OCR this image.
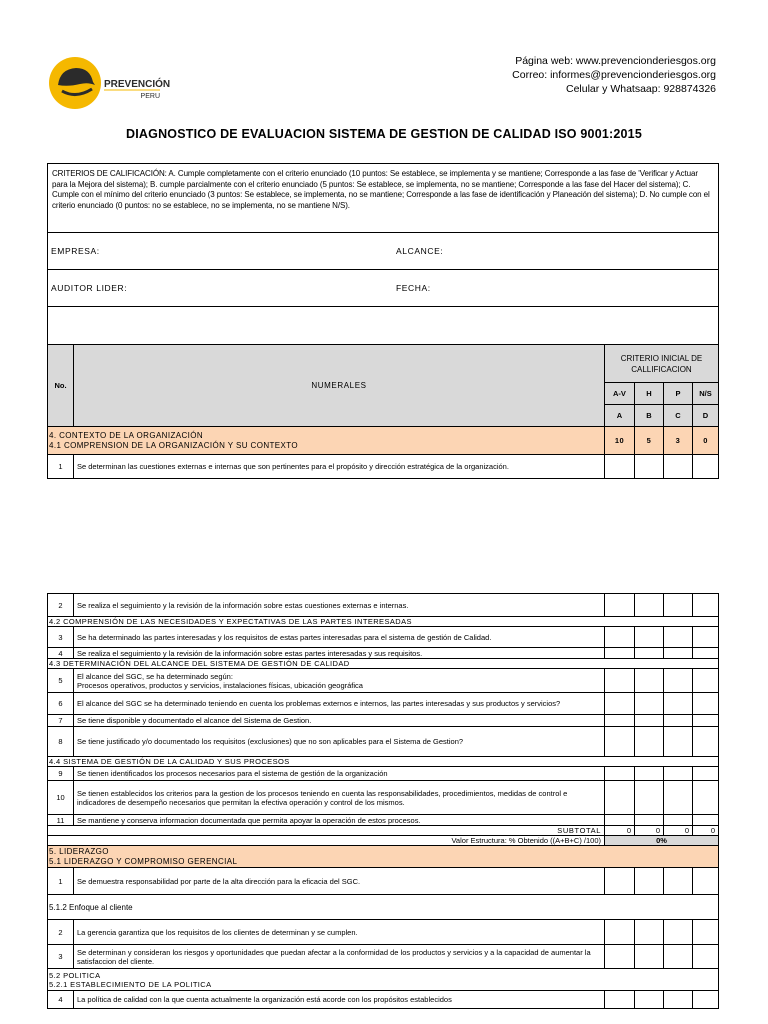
PREVENCIÓN
PERU
Página web: www.prevencionderiesgos.org
Correo: informes@prevencionderiesgos.org
Celular y Whatsaap: 928874326
DIAGNOSTICO DE EVALUACION SISTEMA DE GESTION DE CALIDAD ISO 9001:2015
CRITERIOS DE CALIFICACIÓN: A. Cumple completamente con el criterio enunciado (10 puntos: Se establece, se implementa y se mantiene; Corresponde a las fase de 'Verificar y Actuar para la Mejora del sistema); B. cumple parcialmente con el criterio enunciado (5 puntos: Se establece, se implementa, no se mantiene; Corresponde a las fase del Hacer del sistema); C. Cumple con el mínimo del criterio enunciado (3 puntos: Se establece, se implementa, no se mantiene; Corresponde a las fase de identificación y Planeación del sistema); D. No cumple con el criterio enunciado (0 puntos: no se establece, no se implementa, no se mantiene N/S).
EMPRESA:	ALCANCE:
AUDITOR LIDER:	FECHA:
No.	NUMERALES	CRITERIO INICIAL DE CALLIFICACION			
		A-V	H	P	N/S
		A	B	C	D

4. CONTEXTO DE LA ORGANIZACIÓN
4.1 COMPRENSION DE LA ORGANIZACIÓN Y SU CONTEXTO		10	5	3	0
1	Se determinan las cuestiones externas e internas que son pertinentes para el propósito y dirección estratégica de la organización.				
2	Se realiza el seguimiento y la revisión de la información sobre estas cuestiones externas e internas.				
4.2 COMPRENSIÓN DE LAS NECESIDADES Y EXPECTATIVAS DE LAS PARTES INTERESADAS					
3	Se ha determinado las partes interesadas y los requisitos de estas partes interesadas para el sistema de gestión de Calidad.				
4	Se realiza el seguimiento y la revisión de la información sobre estas partes interesadas y sus requisitos.				
4.3 DETERMINACIÓN DEL ALCANCE DEL SISTEMA DE GESTIÓN DE CALIDAD					
5	El alcance del SGC, se ha determinado según:
Procesos operativos, productos y servicios, instalaciones físicas, ubicación geográfica				

6	El alcance del SGC se ha determinado teniendo en cuenta los problemas externos e internos, las partes interesadas y sus productos y servicios?				
7	Se tiene disponible y documentado el alcance del Sistema de Gestion.				
8	Se tiene justificado y/o documentado los requisitos (exclusiones) que no son aplicables para el Sistema de Gestion?				
4.4 SISTEMA DE GESTIÓN DE LA CALIDAD Y SUS PROCESOS					
9	Se tienen identificados los procesos necesarios para el sistema de gestión de la organización				
10	Se tienen establecidos los criterios para la gestion de los procesos teniendo en cuenta las responsabilidades, procedimientos, medidas de control e indicadores de desempeño necesarios que permitan la efectiva operación y control de los mismos.				
11	Se mantiene y conserva informacion documentada que permita apoyar la operación de estos procesos.				
SUBTOTAL		0	0	0	0
Valor Estructura: % Obtenido ((A+B+C) /100)		0%			

5. LIDERAZGO
5.1 LIDERAZGO Y COMPROMISO GERENCIAL					

1	Se demuestra responsabilidad por parte de la alta dirección para la eficacia del SGC.				
5.1.2 Enfoque al cliente					
2	La gerencia garantiza que los requisitos de los clientes de determinan y se cumplen.				
3	Se determinan y consideran los riesgos y oportunidades que puedan afectar a la conformidad de los productos y servicios y a la capacidad de aumentar la satisfaccion del cliente.				

5.2 POLITICA
5.2.1 ESTABLECIMIENTO DE LA POLITICA					

4	La política de calidad con la que cuenta actualmente la organización está acorde con los propósitos establecidos				
